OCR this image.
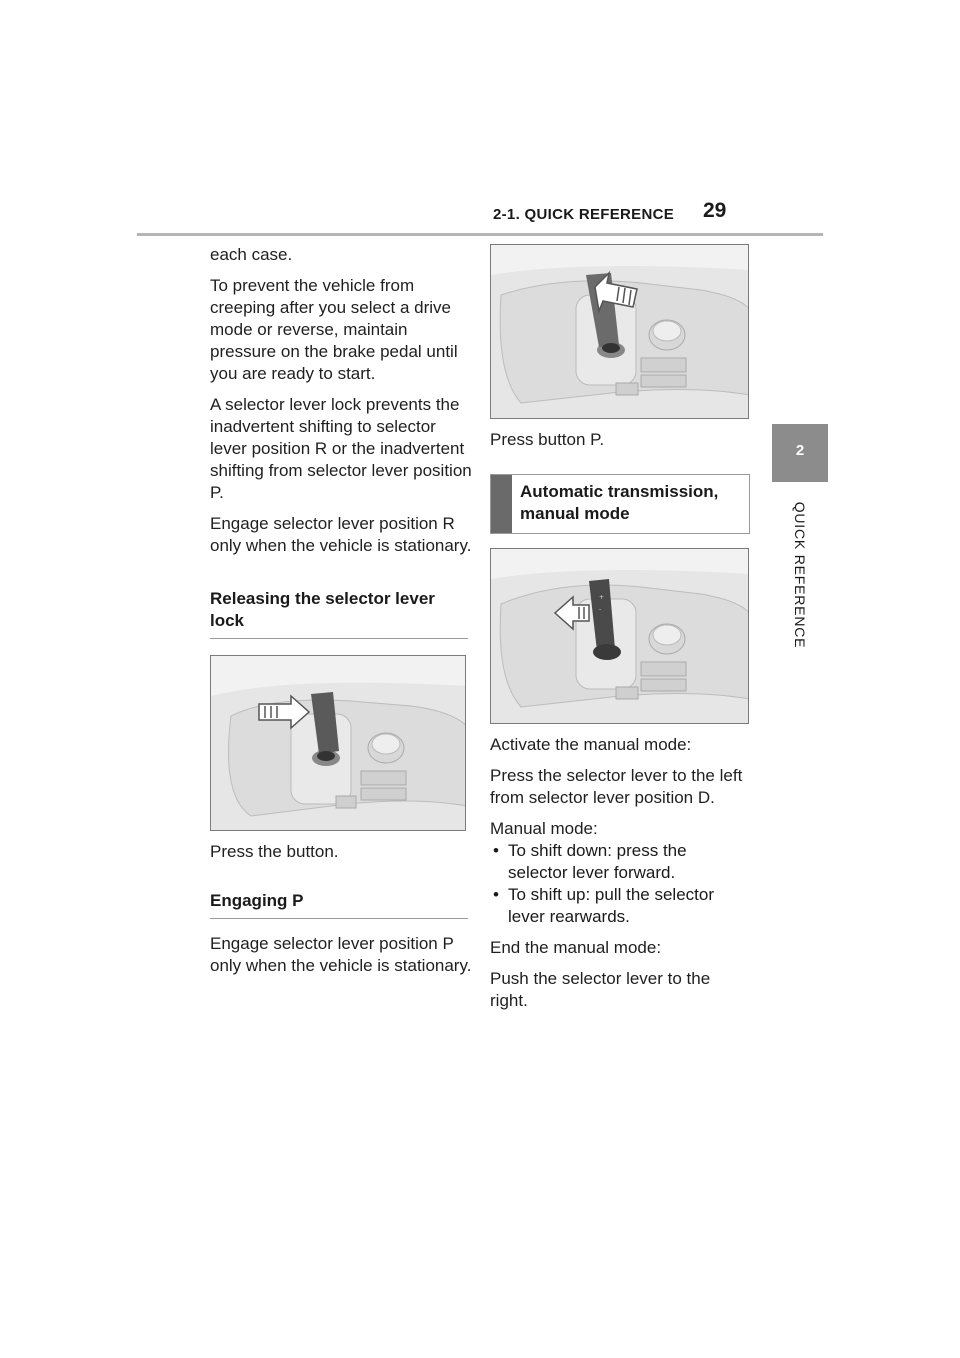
2-1. QUICK REFERENCE 29
2
QUICK REFERENCE

each case.

To prevent the vehicle from creeping after you select a drive mode or reverse, maintain pressure on the brake pedal until you are ready to start.

A selector lever lock prevents the inadvertent shifting to selector lever position R or the inadvertent shifting from selector lever position P.

Engage selector lever position R only when the vehicle is stationary.

Releasing the selector lever lock

Press the button.

Engaging P

Engage selector lever position P only when the vehicle is stationary.

Press button P.

Automatic transmission, manual mode
+
-

Activate the manual mode:

Press the selector lever to the left from selector lever position D.

Manual mode:

• To shift down: press the selector lever forward.
• To shift up: pull the selector lever rearwards.

End the manual mode:

Push the selector lever to the right.
